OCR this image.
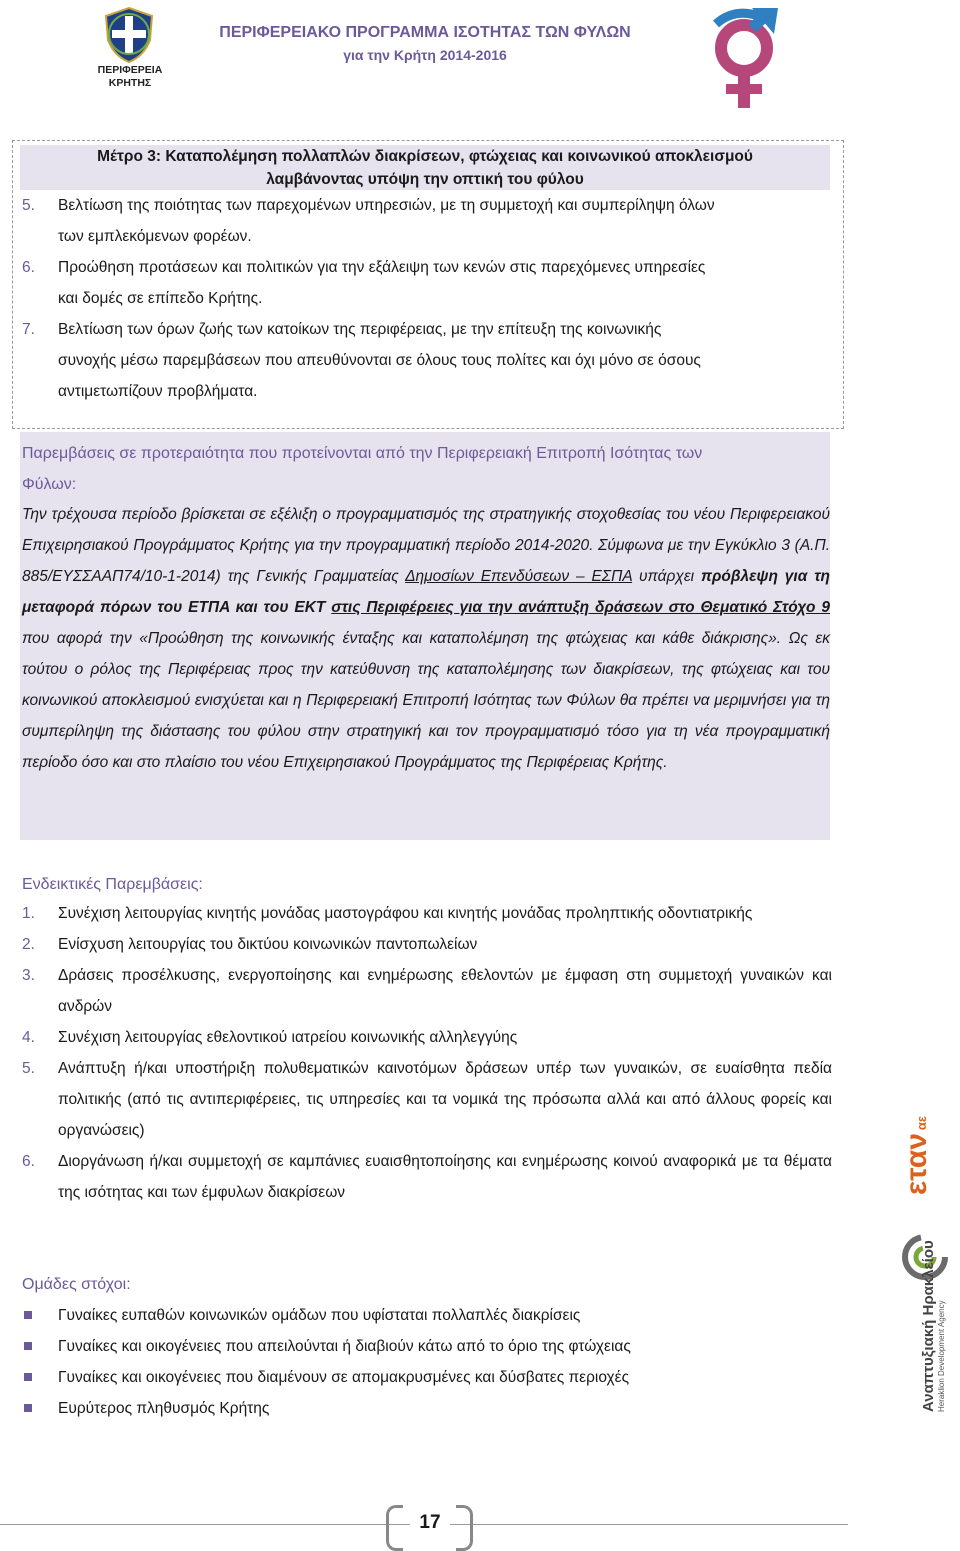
ΠΕΡΙΦΕΡΕΙΑ
ΚΡΗΤΗΣ
ΠΕΡΙΦΕΡΕΙΑΚΟ ΠΡΟΓΡΑΜΜΑ ΙΣΟΤΗΤΑΣ ΤΩΝ ΦΥΛΩΝ
για την Κρήτη 2014-2016
Μέτρο 3: Καταπολέμηση πολλαπλών διακρίσεων, φτώχειας και κοινωνικού αποκλεισμού
λαμβάνοντας υπόψη την οπτική του φύλου
5. Βελτίωση της ποιότητας των παρεχομένων υπηρεσιών, με τη συμμετοχή και συμπερίληψη όλων
των εμπλεκόμενων φορέων.
6. Προώθηση προτάσεων και πολιτικών για την εξάλειψη των κενών στις παρεχόμενες υπηρεσίες
και δομές σε επίπεδο Κρήτης.
7. Βελτίωση των όρων ζωής των κατοίκων της περιφέρειας, με την επίτευξη της κοινωνικής
συνοχής μέσω παρεμβάσεων που απευθύνονται σε όλους τους πολίτες και όχι μόνο σε όσους
αντιμετωπίζουν προβλήματα.
Παρεμβάσεις σε προτεραιότητα που προτείνονται από την Περιφερειακή Επιτροπή Ισότητας των
Φύλων:
Την τρέχουσα περίοδο βρίσκεται σε εξέλιξη ο προγραμματισμός της στρατηγικής στοχοθεσίας του νέου Περιφερειακού Επιχειρησιακού Προγράμματος Κρήτης για την προγραμματική περίοδο 2014-2020. Σύμφωνα με την Εγκύκλιο 3 (Α.Π. 885/ΕΥΣΣΑΑΠ74/10-1-2014) της Γενικής Γραμματείας Δημοσίων Επενδύσεων – ΕΣΠΑ υπάρχει πρόβλεψη για τη μεταφορά πόρων του ΕΤΠΑ και του ΕΚΤ στις Περιφέρειες για την ανάπτυξη δράσεων στο Θεματικό Στόχο 9 που αφορά την «Προώθηση της κοινωνικής ένταξης και καταπολέμηση της φτώχειας και κάθε διάκρισης». Ως εκ τούτου ο ρόλος της Περιφέρειας προς την κατεύθυνση της καταπολέμησης των διακρίσεων, της φτώχειας και του κοινωνικού αποκλεισμού ενισχύεται και η Περιφερειακή Επιτροπή Ισότητας των Φύλων θα πρέπει να μεριμνήσει για τη συμπερίληψη της διάστασης του φύλου στην στρατηγική και τον προγραμματισμό τόσο για τη νέα προγραμματική περίοδο όσο και στο πλαίσιο του νέου Επιχειρησιακού Προγράμματος της Περιφέρειας Κρήτης.
Ενδεικτικές Παρεμβάσεις:
1. Συνέχιση λειτουργίας κινητής μονάδας μαστογράφου και κινητής μονάδας προληπτικής οδοντιατρικής
2. Ενίσχυση λειτουργίας του δικτύου κοινωνικών παντοπωλείων
3. Δράσεις προσέλκυσης, ενεργοποίησης και ενημέρωσης εθελοντών με έμφαση στη συμμετοχή γυναικών και ανδρών
4. Συνέχιση λειτουργίας εθελοντικού ιατρείου κοινωνικής αλληλεγγύης
5. Ανάπτυξη ή/και υποστήριξη πολυθεματικών καινοτόμων δράσεων υπέρ των γυναικών, σε ευαίσθητα πεδία πολιτικής (από τις αντιπεριφέρειες, τις υπηρεσίες και τα νομικά της πρόσωπα αλλά και από άλλους φορείς και οργανώσεις)
6. Διοργάνωση ή/και συμμετοχή σε καμπάνιες ευαισθητοποίησης και ενημέρωσης κοινού αναφορικά με τα θέματα της ισότητας και των έμφυλων διακρίσεων
Ομάδες στόχοι:
Γυναίκες ευπαθών κοινωνικών ομάδων που υφίσταται πολλαπλές διακρίσεις
Γυναίκες και οικογένειες που απειλούνται ή διαβιούν κάτω από το όριο της φτώχειας
Γυναίκες και οικογένειες που διαμένουν σε απομακρυσμένες και δύσβατες περιοχές
Ευρύτερος πληθυσμός Κρήτης
εταναε
Αναπτυξιακή Ηρακλείου Heraklion Development Agency
17
